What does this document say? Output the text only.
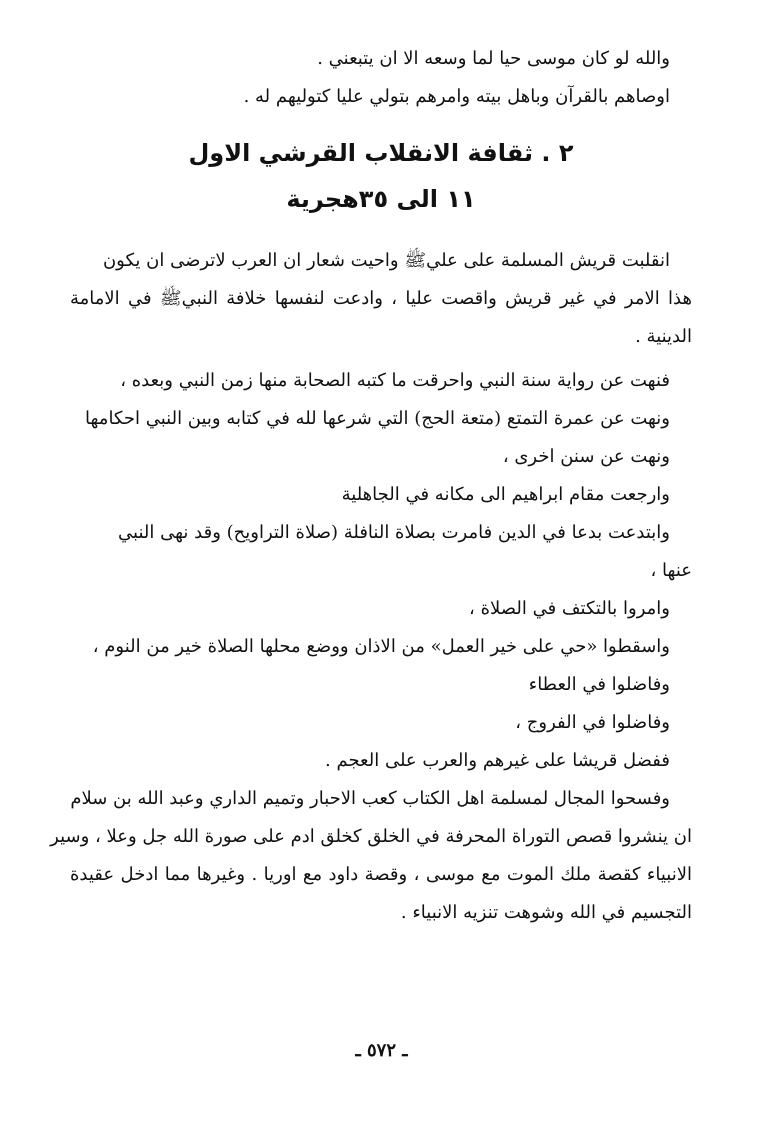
والله لو كان موسى حيا لما وسعه الا ان يتبعني .
اوصاهم بالقرآن وباهل بيته وامرهم بتولي عليا كتوليهم له .
٢ . ثقافة الانقلاب القرشي الاول
١١ الى ٣٥هجرية
انقلبت قريش المسلمة على عليﷺ واحيت شعار ان العرب لاترضى ان يكون
هذا الامر في غير قريش واقصت عليا ، وادعت لنفسها خلافة النبيﷺ في الامامة
الدينية .
فنهت عن رواية سنة النبي واحرقت ما كتبه الصحابة منها زمن النبي وبعده ،
ونهت عن عمرة التمتع (متعة الحج) التي شرعها لله في كتابه وبين النبي احكامها
ونهت عن سنن اخرى ،
وارجعت مقام ابراهيم الى مكانه في الجاهلية
وابتدعت بدعا في الدين فامرت بصلاة النافلة (صلاة التراويح) وقد نهى النبي
عنها ،
وامروا بالتكتف في الصلاة ،
واسقطوا «حي على خير العمل» من الاذان ووضع محلها الصلاة خير من النوم ،
وفاضلوا في العطاء
وفاضلوا في الفروج ،
ففضل قريشا على غيرهم والعرب على العجم .
وفسحوا المجال لمسلمة اهل الكتاب كعب الاحبار وتميم الداري وعبد الله بن سلام
ان ينشروا قصص التوراة المحرفة في الخلق كخلق ادم على صورة الله جل وعلا ، وسير
الانبياء كقصة ملك الموت مع موسى ، وقصة داود مع اوريا . وغيرها مما ادخل عقيدة
التجسيم في الله وشوهت تنزيه الانبياء .
ـ ٥٧٢ ـ
